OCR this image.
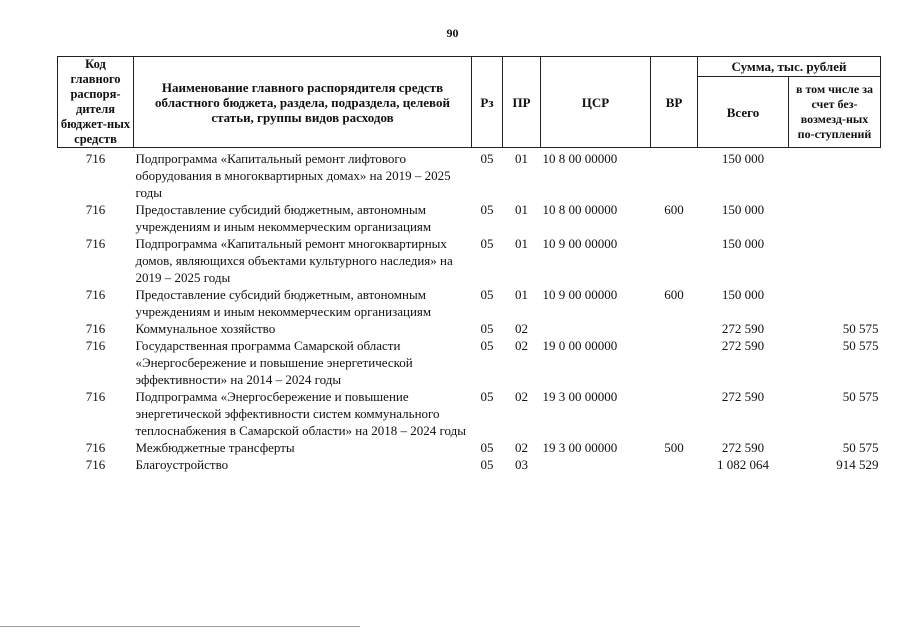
90
Код главного распоря-дителя бюджет-ных средств	Наименование главного распорядителя средств областного бюджета, раздела, подраздела, целевой статьи, группы видов расходов	Рз	ПР	ЦСР	ВР	Сумма, тыс. рублей	
						Всего	в том числе за счет без-возмезд-ных по-ступлений
716	Подпрограмма «Капитальный ремонт лифтового оборудования в многоквартирных домах» на 2019 – 2025 годы	05	01	10 8 00 00000		150 000	
716	Предоставление субсидий бюджетным, автономным учреждениям и иным некоммерческим организациям	05	01	10 8 00 00000	600	150 000	
716	Подпрограмма «Капитальный ремонт многоквартирных домов, являющихся объектами культурного наследия» на 2019 – 2025 годы	05	01	10 9 00 00000		150 000	
716	Предоставление субсидий бюджетным, автономным учреждениям и иным некоммерческим организациям	05	01	10 9 00 00000	600	150 000	
716	Коммунальное хозяйство	05	02			272 590	50 575
716	Государственная программа Самарской области «Энергосбережение и повышение энергетической эффективности» на 2014 – 2024 годы	05	02	19 0 00 00000		272 590	50 575
716	Подпрограмма «Энергосбережение и повышение энергетической эффективности систем коммунального теплоснабжения в Самарской области» на 2018 – 2024 годы	05	02	19 3 00 00000		272 590	50 575
716	Межбюджетные трансферты	05	02	19 3 00 00000	500	272 590	50 575
716	Благоустройство	05	03			1 082 064	914 529
